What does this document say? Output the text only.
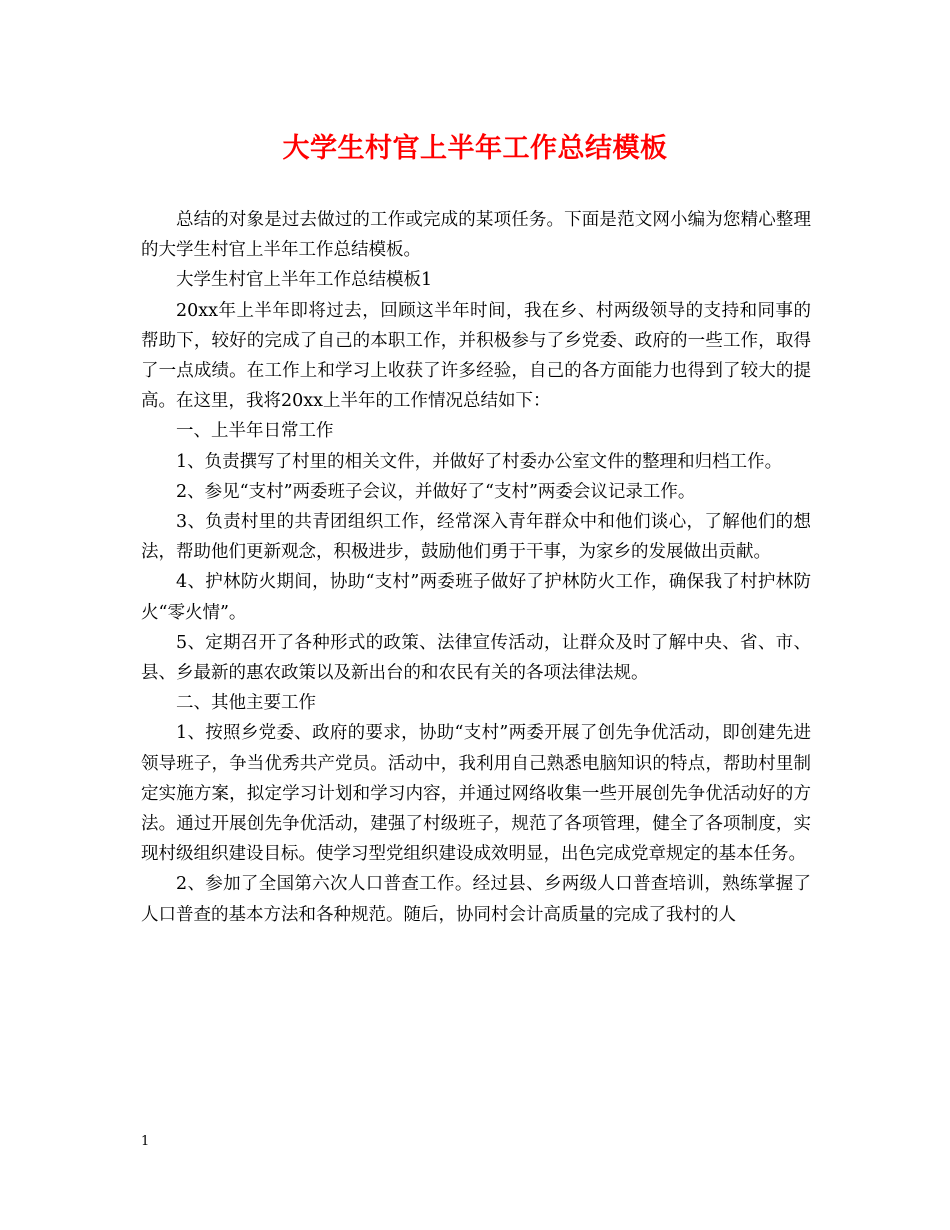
大学生村官上半年工作总结模板

总结的对象是过去做过的工作或完成的某项任务。下面是范文网小编为您精心整理的大学生村官上半年工作总结模板。

大学生村官上半年工作总结模板1

20xx年上半年即将过去，回顾这半年时间，我在乡、村两级领导的支持和同事的帮助下，较好的完成了自己的本职工作，并积极参与了乡党委、政府的一些工作，取得了一点成绩。在工作上和学习上收获了许多经验，自己的各方面能力也得到了较大的提高。在这里，我将20xx上半年的工作情况总结如下：

一、上半年日常工作

1、负责撰写了村里的相关文件，并做好了村委办公室文件的整理和归档工作。

2、参见“支村”两委班子会议，并做好了“支村”两委会议记录工作。

3、负责村里的共青团组织工作，经常深入青年群众中和他们谈心，了解他们的想法，帮助他们更新观念，积极进步，鼓励他们勇于干事，为家乡的发展做出贡献。

4、护林防火期间，协助“支村”两委班子做好了护林防火工作，确保我了村护林防火“零火情”。

5、定期召开了各种形式的政策、法律宣传活动，让群众及时了解中央、省、市、县、乡最新的惠农政策以及新出台的和农民有关的各项法律法规。

二、其他主要工作

1、按照乡党委、政府的要求，协助“支村”两委开展了创先争优活动，即创建先进领导班子，争当优秀共产党员。活动中，我利用自己熟悉电脑知识的特点，帮助村里制定实施方案，拟定学习计划和学习内容，并通过网络收集一些开展创先争优活动好的方法。通过开展创先争优活动，建强了村级班子，规范了各项管理，健全了各项制度，实现村级组织建设目标。使学习型党组织建设成效明显，出色完成党章规定的基本任务。

2、参加了全国第六次人口普查工作。经过县、乡两级人口普查培训，熟练掌握了人口普查的基本方法和各种规范。随后，协同村会计高质量的完成了我村的人

1
